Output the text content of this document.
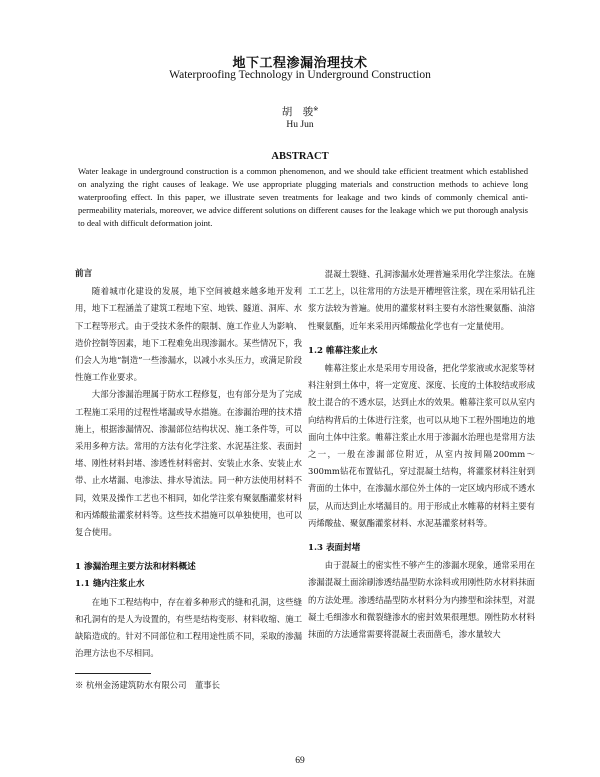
地下工程渗漏治理技术
Waterproofing Technology in Underground Construction
胡　骏※
Hu Jun
ABSTRACT
Water leakage in underground construction is a common phenomenon, and we should take efficient treatment which established on analyzing the right causes of leakage. We use appropriate plugging materials and construction methods to achieve long waterproofing effect. In this paper, we illustrate seven treatments for leakage and two kinds of commonly chemical anti-permeability materials, moreover, we advice different solutions on different causes for the leakage which we put thorough analysis to deal with difficult deformation joint.
前言

随着城市化建设的发展，地下空间被越来越多地开发利用，地下工程涵盖了建筑工程地下室、地铁、隧道、洞库、水下工程等形式。由于受技术条件的限制、施工作业人为影响、造价控制等因素，地下工程难免出现渗漏水。某些情况下，我们会人为地“制造”一些渗漏水，以减小水头压力，或满足阶段性施工作业要求。

大部分渗漏治理属于防水工程修复，也有部分是为了完成工程施工采用的过程性堵漏或导水措施。在渗漏治理的技术措施上，根据渗漏情况、渗漏部位结构状况、施工条件等，可以采用多种方法。常用的方法有化学注浆、水泥基注浆、表面封堵、刚性材料封堵、渗透性材料密封、安装止水条、安装止水带、止水堵漏、电渗法、排水导流法。同一种方法使用材料不同，效果及操作工艺也不相同，如化学注浆有聚氨酯灌浆材料和丙烯酸盐灌浆材料等。这些技术措施可以单独使用，也可以复合使用。

1 渗漏治理主要方法和材料概述
1.1 缝内注浆止水

在地下工程结构中，存在着多种形式的缝和孔洞，这些缝和孔洞有的是人为设置的，有些是结构变形、材料收缩、施工缺陷造成的。针对不同部位和工程用途性质不同，采取的渗漏治理方法也不尽相同。

混凝土裂缝、孔洞渗漏水处理普遍采用化学注浆法。在施工工艺上，以往常用的方法是开槽埋管注浆，现在采用钻孔注浆方法较为普遍。使用的灌浆材料主要有水溶性聚氨酯、油溶性聚氨酯，近年来采用丙烯酸盐化学也有一定量使用。

1.2 帷幕注浆止水

帷幕注浆止水是采用专用设备，把化学浆液或水泥浆等材料注射到土体中，将一定宽度、深度、长度的土体胶结或形成胶土混合的不透水层，达到止水的效果。帷幕注浆可以从室内向结构背后的土体进行注浆，也可以从地下工程外围地边的地面向土体中注浆。帷幕注浆止水用于渗漏水治理也是常用方法之一，一般在渗漏部位附近，从室内按间隔200mm～300mm钻花布置钻孔，穿过混凝土结构，将灌浆材料注射到背面的土体中，在渗漏水部位外土体的一定区域内形成不透水层，从而达到止水堵漏目的。用于形成止水帷幕的材料主要有丙烯酸盐、聚氨酯灌浆材料、水泥基灌浆材料等。

1.3 表面封堵

由于混凝土的密实性不够产生的渗漏水现象，通常采用在渗漏混凝土面涂刷渗透结晶型防水涂料或用刚性防水材料抹面的方法处理。渗透结晶型防水材料分为内掺型和涂抹型，对混凝土毛细渗水和微裂缝渗水的密封效果很理想。刚性防水材料抹面的方法通常需要将混凝土表面凿毛，渗水量较大

※ 杭州金汤建筑防水有限公司　董事长
69
